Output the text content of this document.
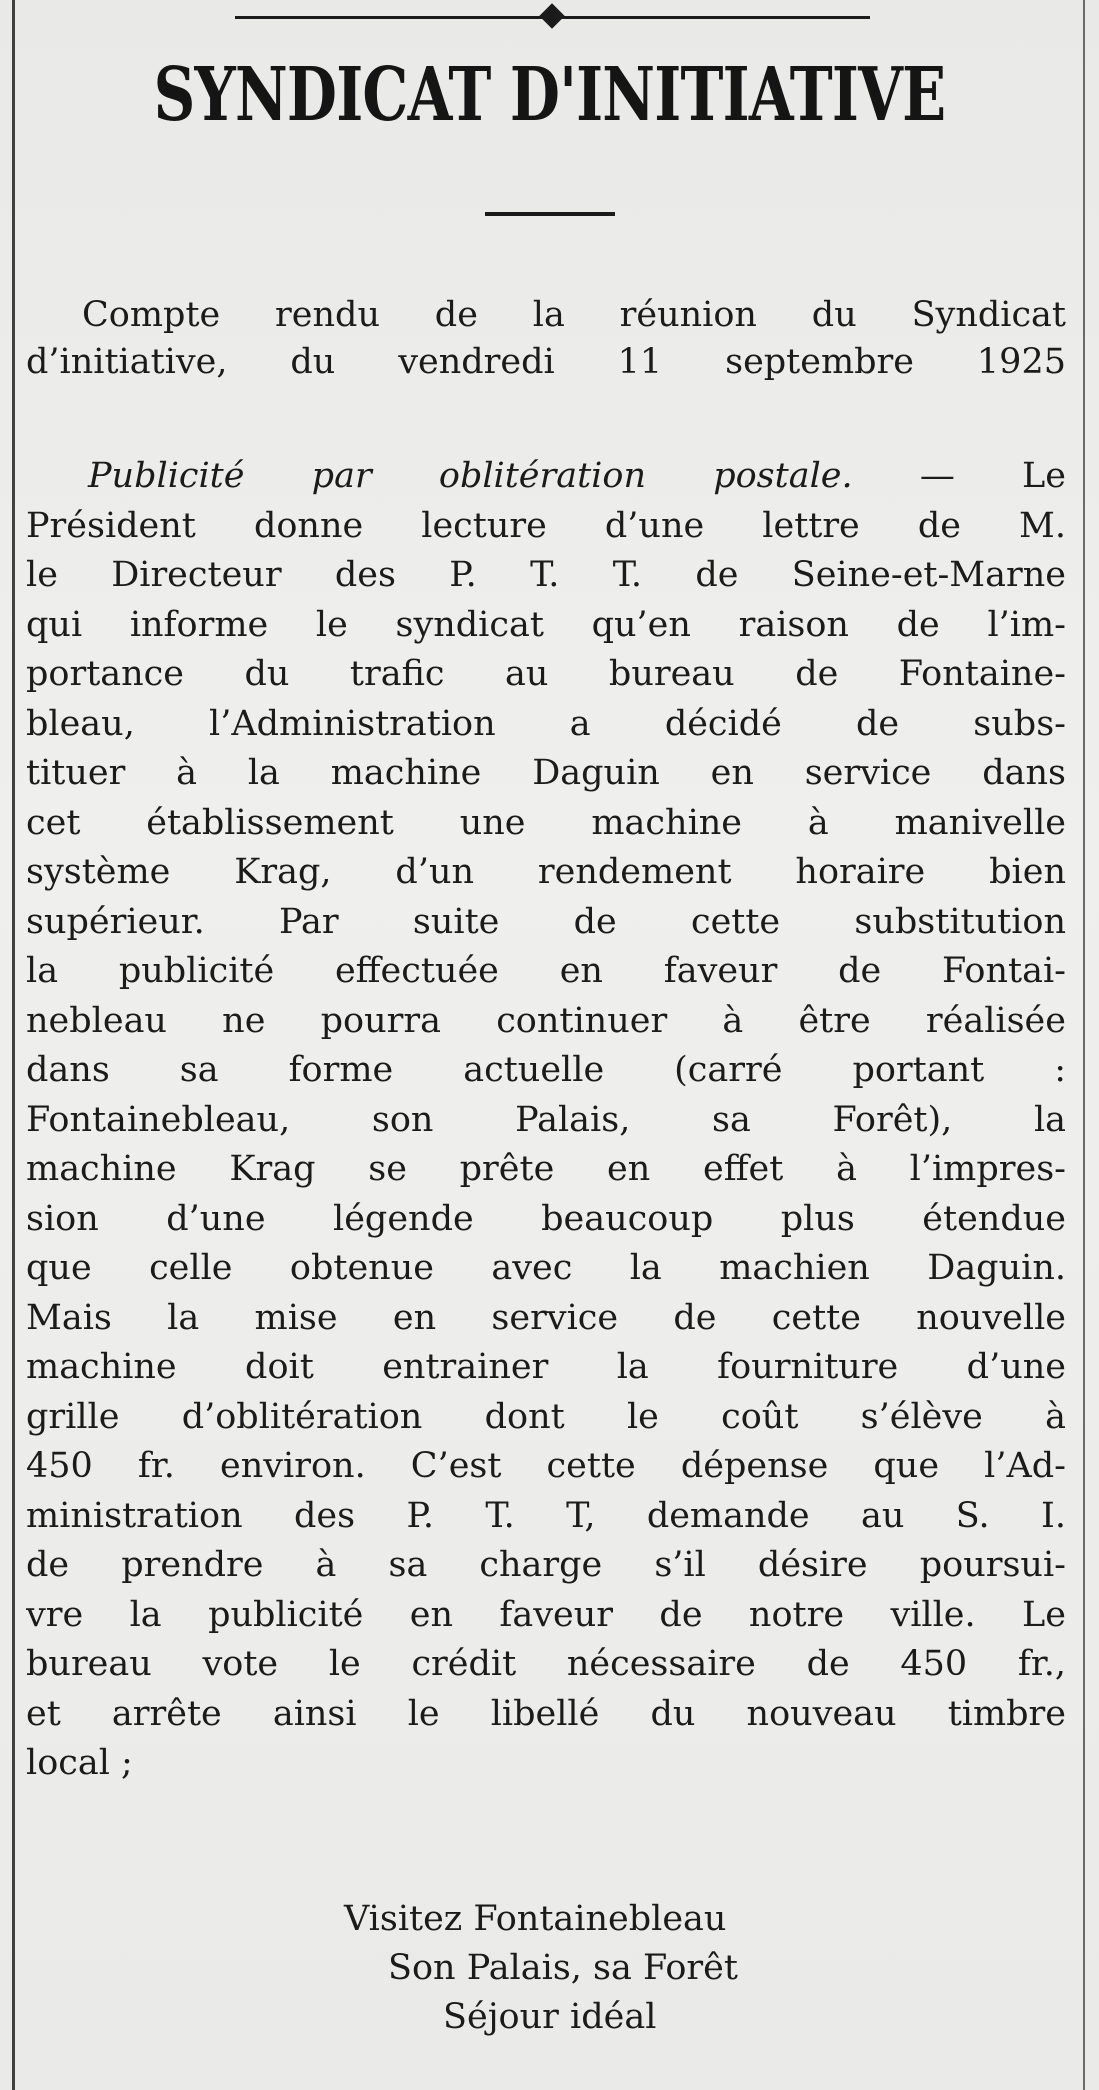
SYNDICAT D'INITIATIVE
Compte rendu de la réunion du Syndicat
d’initiative, du vendredi 11 septembre 1925
Publicité par oblitération postale. — Le
Président donne lecture d’une lettre de M.
le Directeur des P. T. T. de Seine-et-Marne
qui informe le syndicat qu’en raison de l’im-
portance du trafic au bureau de Fontaine-
bleau, l’Administration a décidé de subs-
tituer à la machine Daguin en service dans
cet établissement une machine à manivelle
système Krag, d’un rendement horaire bien
supérieur. Par suite de cette substitution
la publicité effectuée en faveur de Fontai-
nebleau ne pourra continuer à être réalisée
dans sa forme actuelle (carré portant :
Fontainebleau, son Palais, sa Forêt), la
machine Krag se prête en effet à l’impres-
sion d’une légende beaucoup plus étendue
que celle obtenue avec la machien Daguin.
Mais la mise en service de cette nouvelle
machine doit entrainer la fourniture d’une
grille d’oblitération dont le coût s’élève à
450 fr. environ. C’est cette dépense que l’Ad-
ministration des P. T. T, demande au S. I.
de prendre à sa charge s’il désire poursui-
vre la publicité en faveur de notre ville. Le
bureau vote le crédit nécessaire de 450 fr.,
et arrête ainsi le libellé du nouveau timbre
local ;
Visitez Fontainebleau
Son Palais, sa Forêt
Séjour idéal
